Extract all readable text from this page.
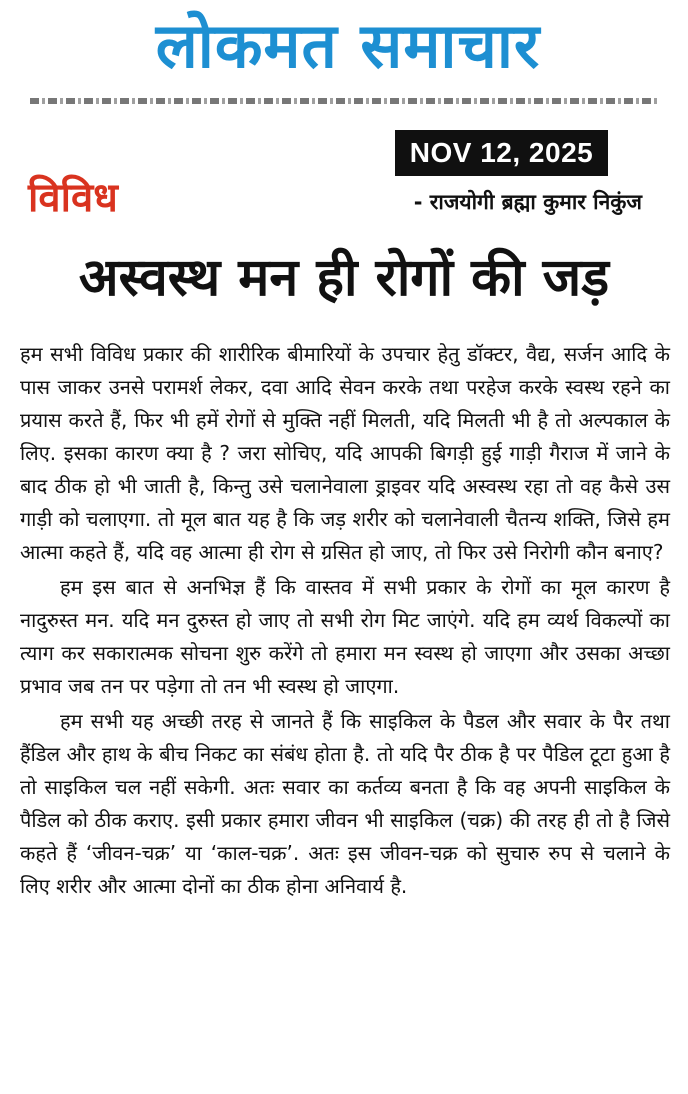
लोकमत समाचार
NOV 12, 2025
विविध	- राजयोगी ब्रह्मा कुमार निकुंज
अस्वस्थ मन ही रोगों की जड़

हम सभी विविध प्रकार की शारीरिक बीमारियों के उपचार हेतु डॉक्टर, वैद्य, सर्जन आदि के पास जाकर उनसे परामर्श लेकर, दवा आदि सेवन करके तथा परहेज करके स्वस्थ रहने का प्रयास करते हैं, फिर भी हमें रोगों से मुक्ति नहीं मिलती, यदि मिलती भी है तो अल्पकाल के लिए. इसका कारण क्या है ? जरा सोचिए, यदि आपकी बिगड़ी हुई गाड़ी गैराज में जाने के बाद ठीक हो भी जाती है, किन्तु उसे चलानेवाला ड्राइवर यदि अस्वस्थ रहा तो वह कैसे उस गाड़ी को चलाएगा. तो मूल बात यह है कि जड़ शरीर को चलानेवाली चैतन्य शक्ति, जिसे हम आत्मा कहते हैं, यदि वह आत्मा ही रोग से ग्रसित हो जाए, तो फिर उसे निरोगी कौन बनाए?

हम इस बात से अनभिज्ञ हैं कि वास्तव में सभी प्रकार के रोगों का मूल कारण है नादुरुस्त मन. यदि मन दुरुस्त हो जाए तो सभी रोग मिट जाएंगे. यदि हम व्यर्थ विकल्पों का त्याग कर सकारात्मक सोचना शुरु करेंगे तो हमारा मन स्वस्थ हो जाएगा और उसका अच्छा प्रभाव जब तन पर पड़ेगा तो तन भी स्वस्थ हो जाएगा.

हम सभी यह अच्छी तरह से जानते हैं कि साइकिल के पैडल और सवार के पैर तथा हैंडिल और हाथ के बीच निकट का संबंध होता है. तो यदि पैर ठीक है पर पैडिल टूटा हुआ है तो साइकिल चल नहीं सकेगी. अतः सवार का कर्तव्य बनता है कि वह अपनी साइकिल के पैडिल को ठीक कराए. इसी प्रकार हमारा जीवन भी साइकिल (चक्र) की तरह ही तो है जिसे कहते हैं ‘जीवन-चक्र’ या ‘काल-चक्र’. अतः इस जीवन-चक्र को सुचारु रुप से चलाने के लिए शरीर और आत्मा दोनों का ठीक होना अनिवार्य है.
